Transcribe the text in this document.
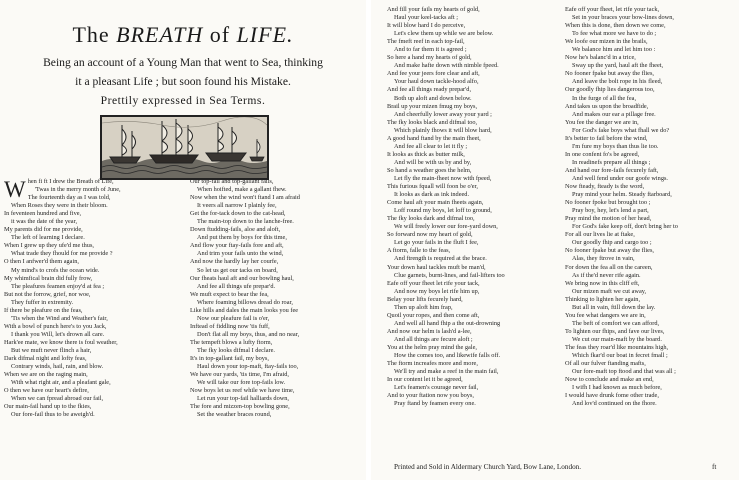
The BREATH of LIFE.
Being an account of a Young Man that went to Sea, thinking
it a pleasant Life ; but soon found his Mistake.
Prettily expressed in Sea Terms.
W hen fi ft I drew the Breath of Life,
'Twas in the merry month of June,
The fourteenth day as I was told,
When Roses they were in their bloom.
In feventeen hundred and five,
it was the date of the year,
My parents did for me provide,
The left of learning I declare.
When I grew up they ufe'd me thus,
What trade they fhould for me provide ?
O then I anfwer'd them again,
My mind's to crofs the ocean wide.
My whimfical brain did fully frow,
The pleafures feamen enjoy'd at fea ;
But not the forrow, grief, nor woe,
They fuffer in extremity.
If there be pleafure on the feas,
'Tis when the Wind and Weather's fair,
With a bowl of punch here's to you Jack,
I thank you Will, let's drown all care.
Hark'ee mate, we know there is foul weather,
But we muft never flinch a hair,
Dark difmal night and lofty feas,
Contrary winds, hail, rain, and blow.
When we are on the raging main,
With what right air, and a pleafant gale,
O then we have our heart's defire,
When we can fpread abroad our fail,
Our main-fail hand up to the fkies,
Our fore-fail thus to be aweigh'd.
Our top-fail and top-gallant fails,
When hoifted, make a gallant fhew.
Now when the wind won't ftand I am afraid
It veers all narrow I plainly fee,
Get the for-tack down to the cat-head,
The main-top down to the lanche-free.
Down ftudding-fails, aloe and aloft,
And put them by boys for this time,
And flow your ftay-fails fore and aft,
And trim your fails unto the wind,
And now the hardly lay her courfe,
So let us get our tacks on board,
Our fheats haul aft and our bowling haul,
And fee all things ufe prepar'd.
We muft expect to bear the fea,
Where foaming billows dread do roar,
Like hills and dales the main looks you fee
Now our pleafure fail is o'er,
Inftead of fiddling now 'tis fuff,
Don't flat all my boys, thus, and no near,
The tempeft blows a lufty ftorm,
The fky looks difmal I declare.
It's in top-gallant fail, my boys,
Haul down your top-maft, ftay-fails too,
We have our yards, 'tis time, I'm afraid,
We will take our fore top-fails low.
Now boys let us reef while we have time,
Let run your top-fail halliards down,
The fore and mizzen-top bowling gone,
Set the weather braces round,
And fill your fails my hearts of gold,
Haul your keel-tacks aft ;
It will blow hard I do perceive,
Let's clew them up while we are below.
The fmeft reef in each top-fail,
And to far them it is agreed ;
So here a hand my hearts of gold,
And make hafte down with nimble fpeed.
And fee your jeers fore clear and aft,
Your haul down tackle-hood alfo,
And fee all things ready prepar'd,
Both up aloft and down below.
Brail up your mizen fmug my boys,
And cheerfully lower away your yard ;
The fky looks black and difmal too,
Which plainly fhows it will blow hard,
A good hand ftand by the main fheet,
And fee all clear to let it fly ;
It looks as thick as butter milk,
And will be with us by and by,
So hand a weather goes the helm,
Let fly the main-fheet now with fpeed,
This furious fquall will foon be o'er,
It looks as dark as ink indeed.
Come haul aft your main fheets again,
Loff round my boys, let loff to ground,
The fky looks dark and difmal too,
We will freely lower our fore-yard down,
So forward now my heart of gold,
Let go your fails in the fluft I fee,
A ftorm, falle to the feas,
And ftrength is required at the brace.
Your down haul tackles muft be man'd,
Clue garnets, burnt-lines, and fail-lifters too
Eafe off your fheet let rife your tack,
And now my boys let rife him up,
Belay your lifts fecurely hard,
Then up aloft him frap,
Quoil your ropes, and then come aft,
And well all hand fhip a the out-drowning
And now our helm is lash'd a-lee,
And all things are fecure aloft ;
You at the helm pray mind the gale,
How the comes too, and likewife falls off.
The ftorm increafes more and more,
We'll try and make a reef in the main fail,
In our content let it be agreed,
Let's feamen's courage never fail,
And to your ftation now you boys,
Pray ftand by feamen every one.
Eafe off your fheet, let rife your tack,
Set in your braces your bow-lines down,
When this is done, then down we come,
To fee what more we have to do ;
We loofe our mizen in the brails,
We balance him and let him too :
Now he's balanc'd in a trice,
Sway up the yard, haul aft the fheet,
No fooner fpake but away the flies,
And leave the bolt rope in his fleed,
Our goodly fhip lies dangerous too,
In the furge of all the fea,
And takes us upon the broadfide,
And makes our ear a pillage free.
You fee the danger we are in,
For God's fake boys what fhall we do?
It's better to fail before the wind,
I'm fure my boys than thus lie too.
In one confent fo's be agreed,
In readinefs prepare all things ;
And hand our fore-fails fecurely faft,
And well fend under our goofe wings.
Now fteady, fteady is the word,
Pray mind your helm. Steady ftarboard,
No fooner fpoke but brought too ;
Pray boy, hey, let's lend a part,
Pray mind the motion of her head,
For God's fake keep off, don't bring her to
For all our lives lie at ftake,
Our goodly fhip and cargo too ;
No fooner fpake but away the flies,
Alas, they ftrove in vain,
For down the fea all on the careen,
As if the'd never rife again.
We bring now in this cliff eft,
Our mizen maft we cut away,
Thinking to lighten her again,
But all in vain, ftill down the lay.
You fee what dangers we are in,
The beft of comfort we can afford,
To lighten our fhips, and fave our lives,
We cut our main-maft by the board.
The feas they roar'd like mountains high,
Which fkar'd our boat in fecret fmall ;
Of all our fulver ftanding mafts,
Our fore-maft top ftood and that was all ;
Now to conclude and make an end,
I wifh I had known as much before,
I would have drunk fome other trade,
And lov'd continued on the fhore.
Printed and Sold in Aldermary Church Yard, Bow Lane, London.	ft
